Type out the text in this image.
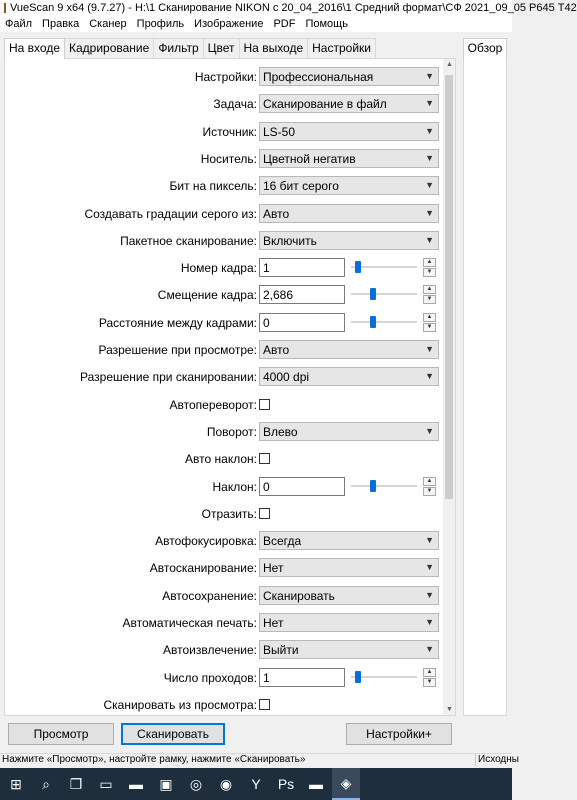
VueScan 9 x64 (9.7.27) - H:\1 Сканирование NIKON с 20_04_2016\1 Средний формат\СФ 2021_09_05 Р645 Т42
Файл Правка Сканер Профиль Изображение PDF Помощь
На входе Кадрирование Фильтр Цвет На выходе Настройки	Обзор
Настройки: Профессиональная	▼
Задача: Сканирование в файл	▼
Источник: LS-50	▼
Носитель: Цветной негатив	▼
Бит на пиксель: 16 бит серого	▼
Создавать градации серого из: Авто	▼
Пакетное сканирование: Включить	▼
Номер кадра: 1	▲
▼
Смещение кадра: 2,686	▲
▼
Расстояние между кадрами: 0	▲
▼
Разрешение при просмотре: Авто	▼
Разрешение при сканировании: 4000 dpi	▼
Автопереворот:
Поворот: Влево	▼
Авто наклон:
Наклон: 0	▲
▼
Отразить:
Автофокусировка: Всегда	▼
Автосканирование: Нет	▼
Автосохранение: Сканировать	▼
Автоматическая печать: Нет	▼
Автоизвлечение: Выйти	▼
Число проходов: 1	▲
▼
Сканировать из просмотра:
▲
▼
Просмотр	Сканировать	Настройки+
Нажмите «Просмотр», настройте рамку, нажмите «Сканировать»	Исходны
⊞ ⌕ ❐ ▭ ▬ ▣ ◎ ◉ Y Ps ▬ ◈
